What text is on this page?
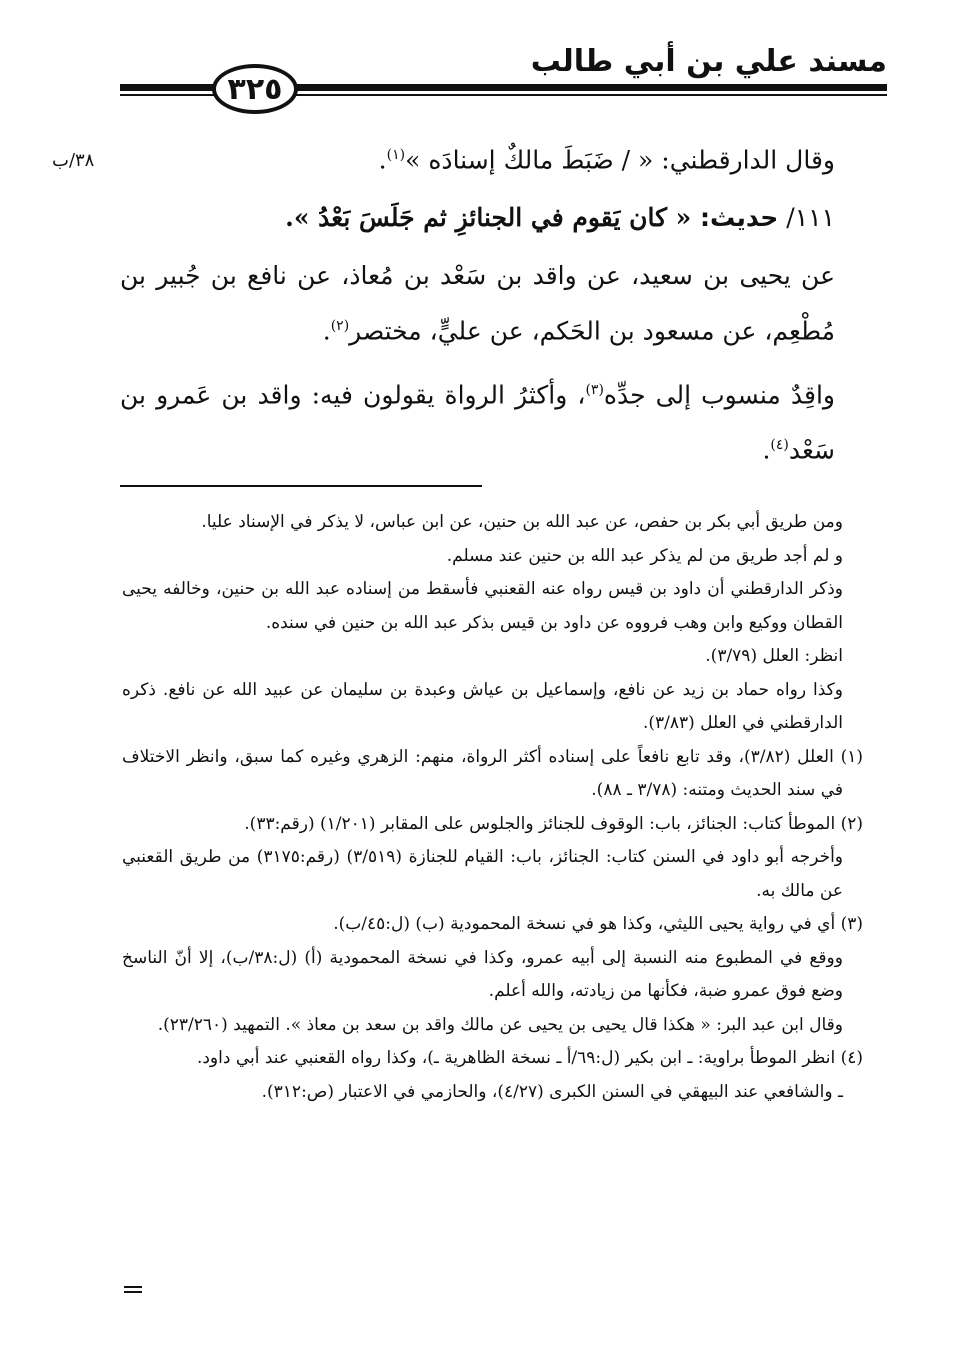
مسند علي بن أبي طالب
٣٢٥
٣٨/ب	وقال الدارقطني: « / ضَبَطَ مالكٌ إسنادَه »$^{(١)}$.

١١١/ حديث: « كان يَقوم في الجنائزِ ثم جَلَسَ بَعْدُ ».

عن يحيى بن سعيد، عن واقد بن سَعْد بن مُعاذ، عن نافع بن جُبير بن مُطْعِم، عن مسعود بن الحَكم، عن عليٍّ، مختصر$^{(٢)}$.

واقِدٌ منسوب إلى جدِّه$^{(٣)}$، وأكثرُ الرواة يقولون فيه: واقد بن عَمرو بن سَعْد$^{(٤)}$.

ومن طريق أبي بكر بن حفص، عن عبد الله بن حنين، عن ابن عباس، لا يذكر في الإسناد عليا.

و لم أجد طريق من لم يذكر عبد الله بن حنين عند مسلم.

وذكر الدارقطني أن داود بن قيس رواه عنه القعنبي فأسقط من إسناده عبد الله بن حنين، وخالفه يحيى القطان ووكيع وابن وهب فرووه عن داود بن قيس بذكر عبد الله بن حنين في سنده.

انظر: العلل (٣/٧٩).

وكذا رواه حماد بن زيد عن نافع، وإسماعيل بن عياش وعبدة بن سليمان عن عبيد الله عن نافع. ذكره الدارقطني في العلل (٣/٨٣).

(١) العلل (٣/٨٢)، وقد تابع نافعاً على إسناده أكثر الرواة، منهم: الزهري وغيره كما سبق، وانظر الاختلاف في سند الحديث ومتنه: (٣/٧٨ ـ ٨٨).

(٢) الموطأ كتاب: الجنائز، باب: الوقوف للجنائز والجلوس على المقابر (١/٢٠١) (رقم:٣٣).

وأخرجه أبو داود في السنن كتاب: الجنائز، باب: القيام للجنازة (٣/٥١٩) (رقم:٣١٧٥) من طريق القعنبي عن مالك به.

(٣) أي في رواية يحيى الليثي، وكذا هو في نسخة المحمودية (ب) (ل:٤٥/ب).

ووقع في المطبوع منه النسبة إلى أبيه عمرو، وكذا في نسخة المحمودية (أ) (ل:٣٨/ب)، إلا أنّ الناسخ وضع فوق عمرو ضبة، فكأنها من زيادته، والله أعلم.

وقال ابن عبد البر: « هكذا قال يحيى بن يحيى عن مالك واقد بن سعد بن معاذ ». التمهيد (٢٣/٢٦٠).

(٤) انظر الموطأ براوية: ـ ابن بكير (ل:٦٩/أ ـ نسخة الظاهرية ـ)، وكذا رواه القعنبي عند أبي داود.

ـ والشافعي عند البيهقي في السنن الكبرى (٤/٢٧)، والحازمي في الاعتبار (ص:٣١٢).
